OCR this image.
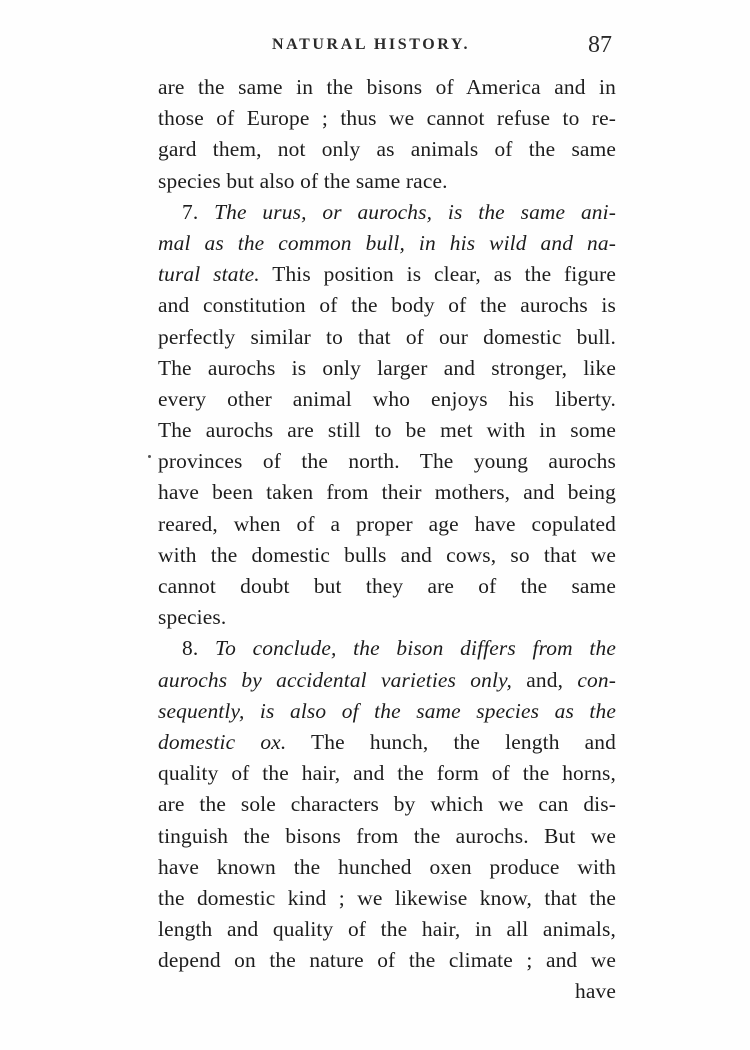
NATURAL HISTORY.	87
are the same in the bisons of America and in
those of Europe ; thus we cannot refuse to re-
gard them, not only as animals of the same
species but also of the same race.
7. The urus, or aurochs, is the same ani-
mal as the common bull, in his wild and na-
tural state. This position is clear, as the figure
and constitution of the body of the aurochs is
perfectly similar to that of our domestic bull.
The aurochs is only larger and stronger, like
every other animal who enjoys his liberty.
The aurochs are still to be met with in some
provinces of the north. The young aurochs
have been taken from their mothers, and being
reared, when of a proper age have copulated
with the domestic bulls and cows, so that we
cannot doubt but they are of the same
species.
8. To conclude, the bison differs from the
aurochs by accidental varieties only, and, con-
sequently, is also of the same species as the
domestic ox. The hunch, the length and
quality of the hair, and the form of the horns,
are the sole characters by which we can dis-
tinguish the bisons from the aurochs. But we
have known the hunched oxen produce with
the domestic kind ; we likewise know, that the
length and quality of the hair, in all animals,
depend on the nature of the climate ; and we
have
